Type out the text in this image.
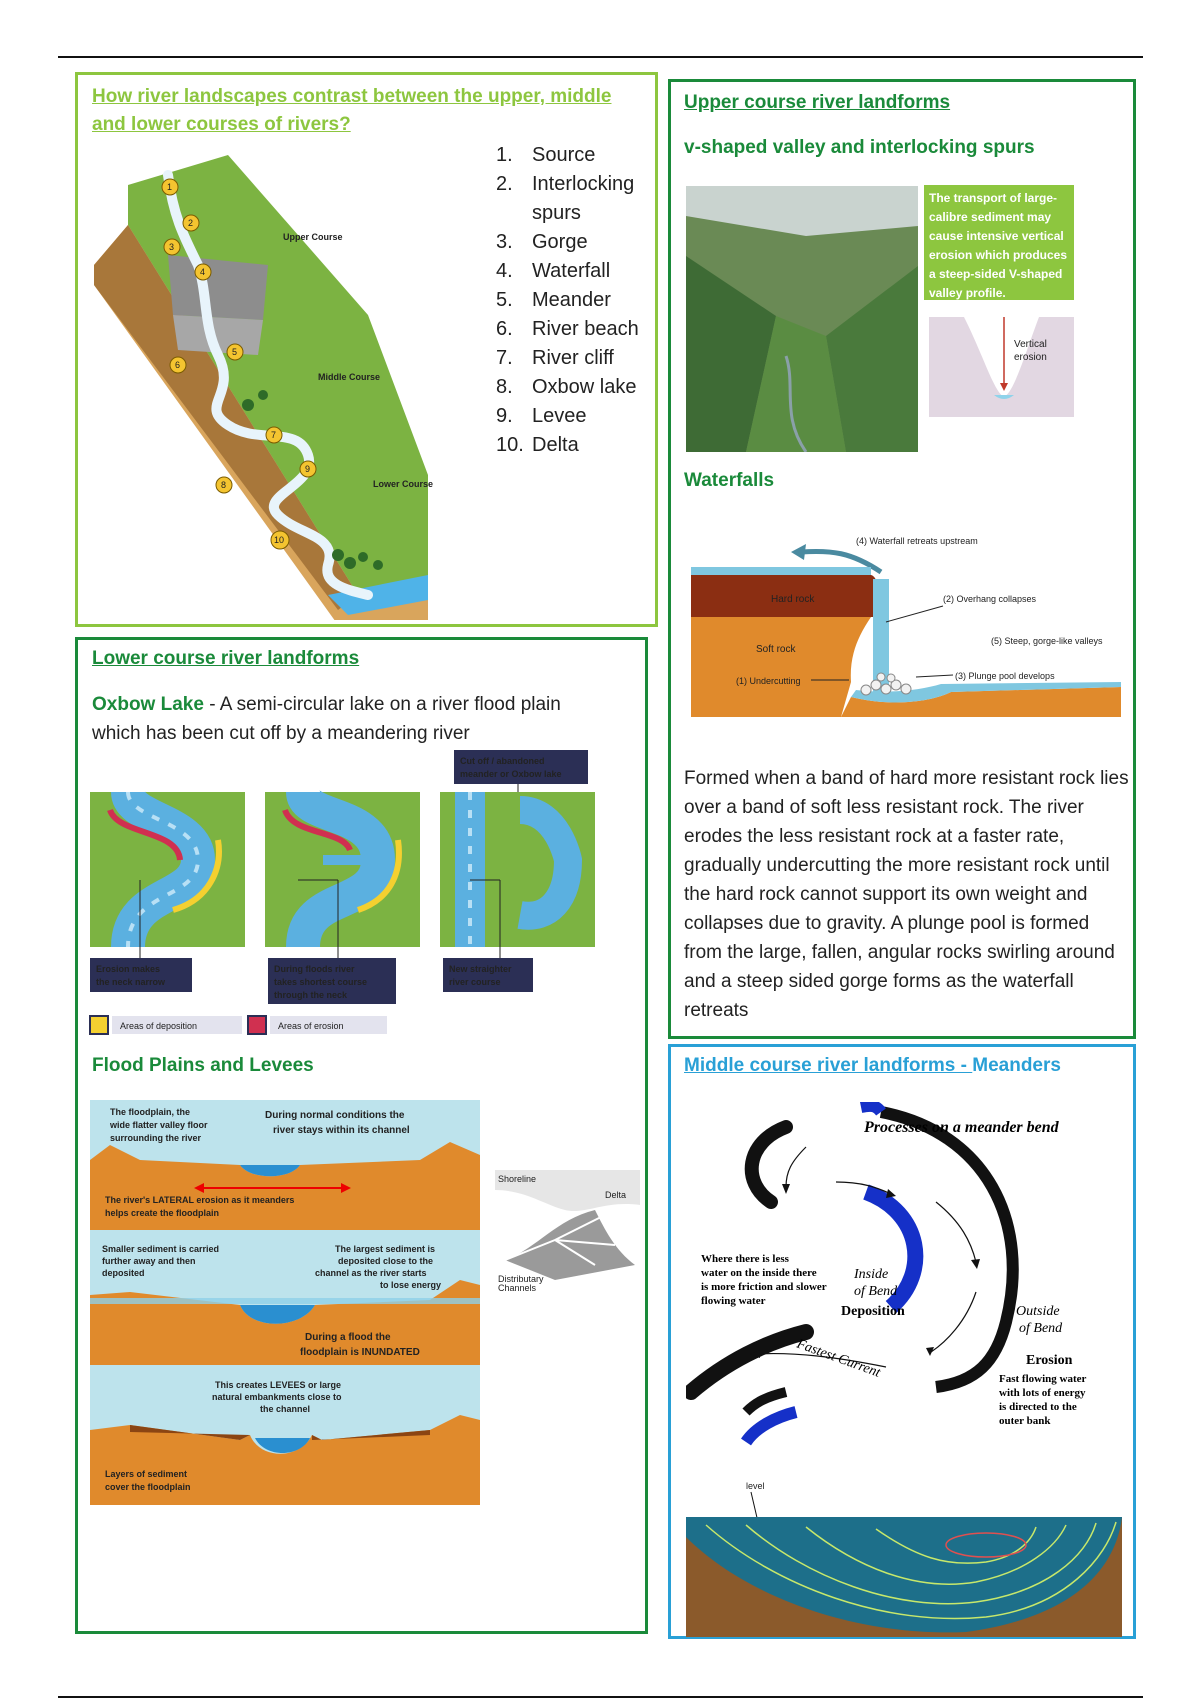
How river landscapes contrast between the upper, middle and lower courses of rivers?

1
2
3
4
5
6
7
8
9
10
Upper Course
Middle Course
Lower Course
1. Source
2. Interlocking spurs
3. Gorge
4. Waterfall
5. Meander
6. River beach
7. River cliff
8. Oxbow lake
9. Levee
10. Delta

Upper course river landforms

v-shaped valley and interlocking spurs

The transport of large-calibre sediment may cause intensive vertical erosion which produces a steep-sided V-shaped valley profile.
Vertical
erosion

Waterfalls

(4) Waterfall retreats upstream
Hard rock
Soft rock
(2) Overhang collapses
(5) Steep, gorge-like valleys
(3) Plunge pool develops
(1) Undercutting
Formed when a band of hard more resistant rock lies over a band of soft less resistant rock. The river erodes the less resistant rock at a faster rate, gradually undercutting the more resistant rock until the hard rock cannot support its own weight and collapses due to gravity. A plunge pool is formed from the large, fallen, angular rocks swirling around and a steep sided gorge forms as the waterfall retreats

Lower course river landforms

Oxbow Lake - A semi-circular lake on a river flood plain which has been cut off by a meandering river
Cut off / abandoned
meander or Oxbow lake
Erosion makes
the neck narrow
During floods river
takes shortest course
through the neck
New straighter
river course
Areas of deposition	Areas of erosion

Flood Plains and Levees

The floodplain, the
wide flatter valley floor
surrounding the river
During normal conditions the
river stays within its channel
The river's LATERAL erosion as it meanders
helps create the floodplain
Smaller sediment is carried
further away and then
deposited
The largest sediment is
deposited close to the
channel as the river starts
to lose energy
During a flood the
floodplain is INUNDATED
This creates LEVEES or large
natural embankments close to
the channel
Layers of sediment
cover the floodplain
Shoreline
Delta
Distributary
Channels

Middle course river landforms - Meanders

Processes on a meander bend
Where there is less
water on the inside there
is more friction and slower
flowing water
Inside
of Bend
Deposition	Outside
of Bend
Erosion
Fast flowing water
with lots of energy
is directed to the
outer bank
Fastest Current
level
